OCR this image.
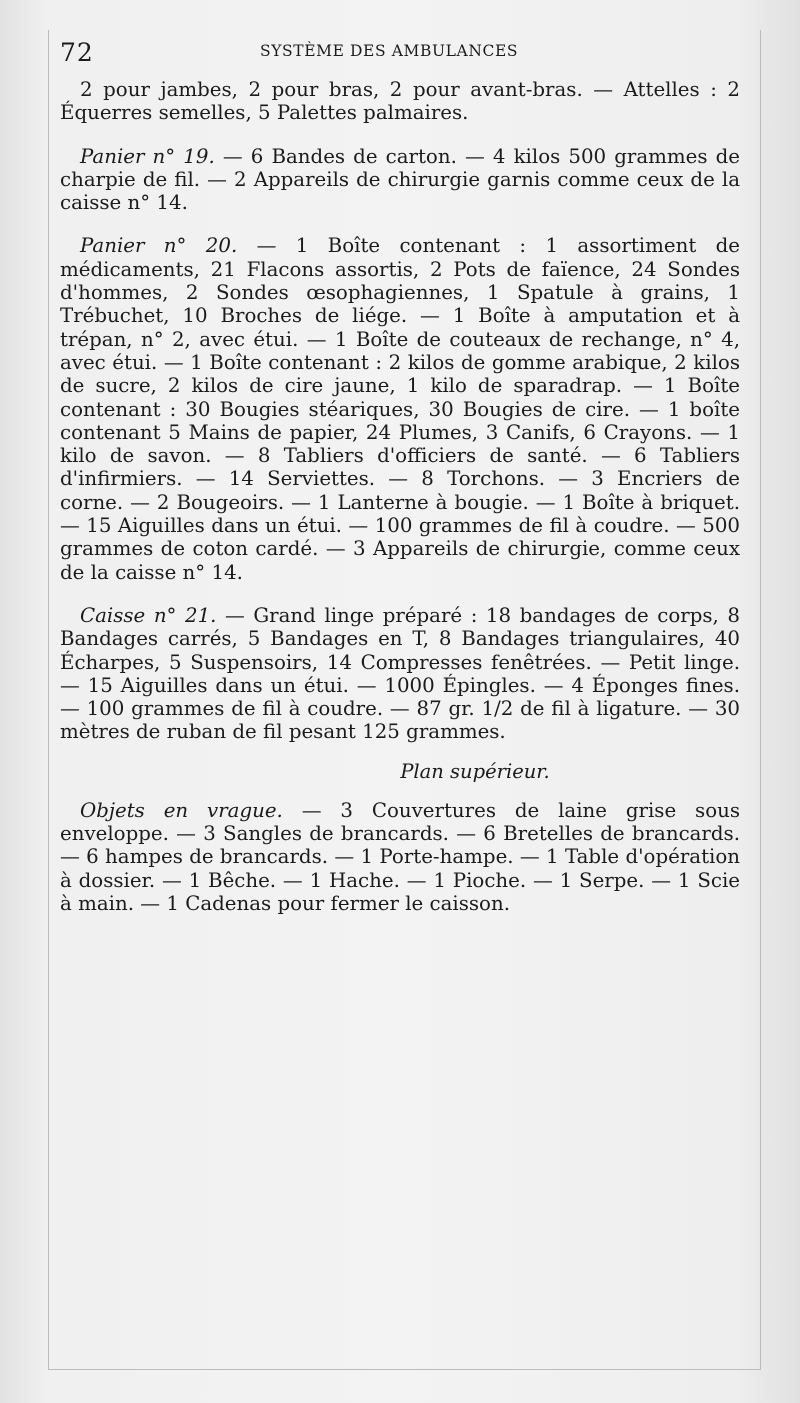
72	SYSTÈME DES AMBULANCES

2 pour jambes, 2 pour bras, 2 pour avant-bras. — Attelles : 2 Équerres semelles, 5 Palettes palmaires.

Panier n° 19. — 6 Bandes de carton. — 4 kilos 500 grammes de charpie de fil. — 2 Appareils de chirurgie garnis comme ceux de la caisse n° 14.

Panier n° 20. — 1 Boîte contenant : 1 assortiment de médicaments, 21 Flacons assortis, 2 Pots de faïence, 24 Sondes d'hommes, 2 Sondes œsophagiennes, 1 Spatule à grains, 1 Trébuchet, 10 Broches de liége. — 1 Boîte à amputation et à trépan, n° 2, avec étui. — 1 Boîte de couteaux de rechange, n° 4, avec étui. — 1 Boîte contenant : 2 kilos de gomme arabique, 2 kilos de sucre, 2 kilos de cire jaune, 1 kilo de sparadrap. — 1 Boîte contenant : 30 Bougies stéariques, 30 Bougies de cire. — 1 boîte contenant 5 Mains de papier, 24 Plumes, 3 Canifs, 6 Crayons. — 1 kilo de savon. — 8 Tabliers d'officiers de santé. — 6 Tabliers d'infirmiers. — 14 Serviettes. — 8 Torchons. — 3 Encriers de corne. — 2 Bougeoirs. — 1 Lanterne à bougie. — 1 Boîte à briquet. — 15 Aiguilles dans un étui. — 100 grammes de fil à coudre. — 500 grammes de coton cardé. — 3 Appareils de chirurgie, comme ceux de la caisse n° 14.

Caisse n° 21. — Grand linge préparé : 18 bandages de corps, 8 Bandages carrés, 5 Bandages en T, 8 Bandages triangulaires, 40 Écharpes, 5 Suspensoirs, 14 Compresses fenêtrées. — Petit linge. — 15 Aiguilles dans un étui. — 1000 Épingles. — 4 Éponges fines. — 100 grammes de fil à coudre. — 87 gr. 1/2 de fil à ligature. — 30 mètres de ruban de fil pesant 125 grammes.

Plan supérieur.

Objets en vrague. — 3 Couvertures de laine grise sous enveloppe. — 3 Sangles de brancards. — 6 Bretelles de brancards. — 6 hampes de brancards. — 1 Porte-hampe. — 1 Table d'opération à dossier. — 1 Bêche. — 1 Hache. — 1 Pioche. — 1 Serpe. — 1 Scie à main. — 1 Cadenas pour fermer le caisson.
